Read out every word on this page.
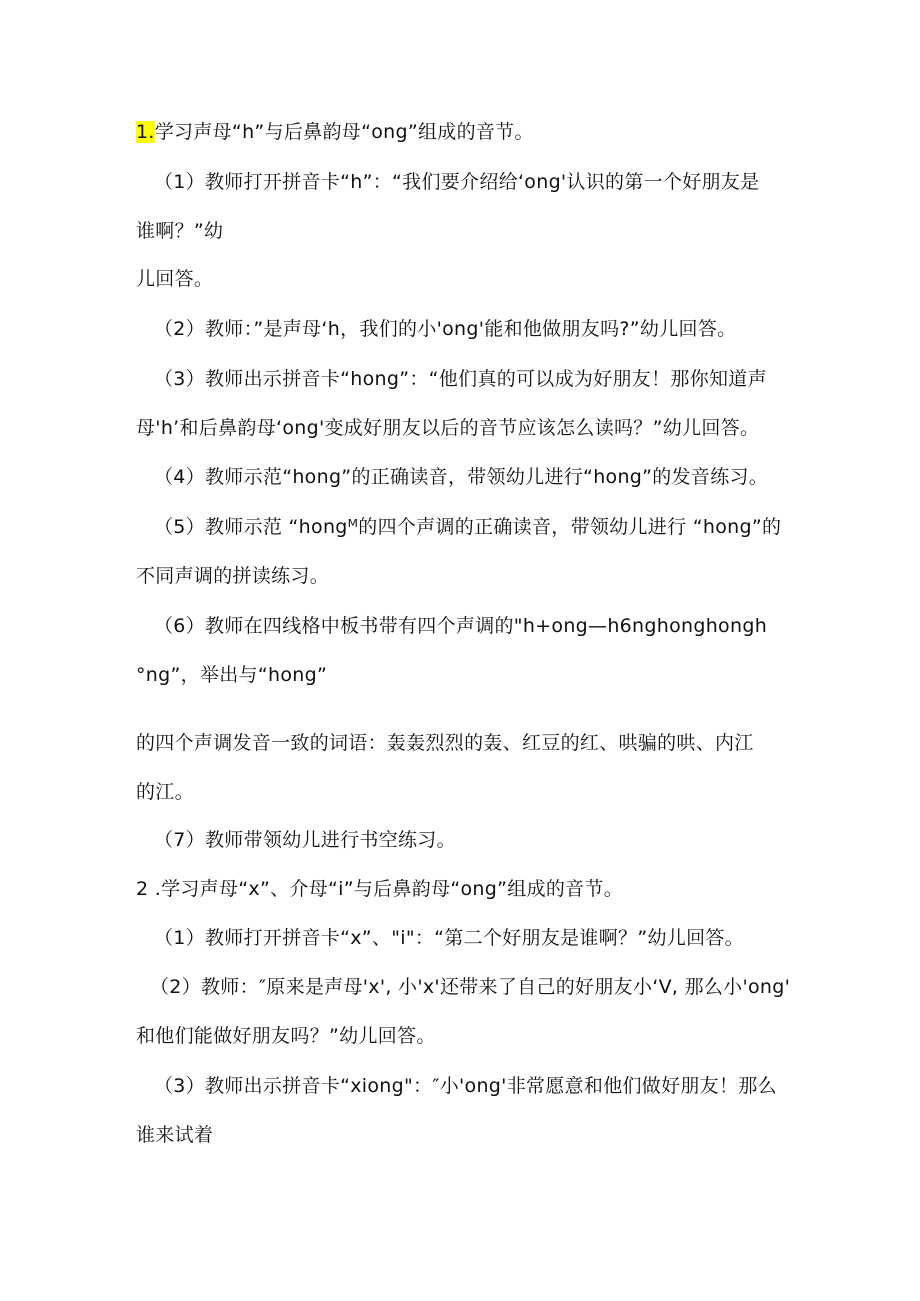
1.学习声母“h”与后鼻韵母“ong”组成的音节。
（1）教师打开拼音卡“h”：“我们要介绍给‘ong'认识的第一个好朋友是
谁啊？”幼
儿回答。
（2）教师：”是声母‘h，我们的小'ong'能和他做朋友吗?”幼儿回答。
（3）教师出示拼音卡“hong”：“他们真的可以成为好朋友！那你知道声
母'h’和后鼻韵母‘ong'变成好朋友以后的音节应该怎么读吗？”幼儿回答。
（4）教师示范“hong”的正确读音，带领幼儿进行“hong”的发音练习。
（5）教师示范 “hongᴹ的四个声调的正确读音，带领幼儿进行 “hong”的
不同声调的拼读练习。
（6）教师在四线格中板书带有四个声调的"h+ong—h6nghonghongh
°ng”，举出与“hong”
的四个声调发音一致的词语：轰轰烈烈的轰、红豆的红、哄骗的哄、内江
的江。
（7）教师带领幼儿进行书空练习。
2 .学习声母“x”、介母“i”与后鼻韵母“ong”组成的音节。
（1）教师打开拼音卡“x”、"i"：“第二个好朋友是谁啊？”幼儿回答。
（2）教师：″原来是声母'x', 小'x'还带来了自己的好朋友小‘V, 那么小'ong'
和他们能做好朋友吗？”幼儿回答。
（3）教师出示拼音卡“xiong"：″小'ong'非常愿意和他们做好朋友！那么
谁来试着
